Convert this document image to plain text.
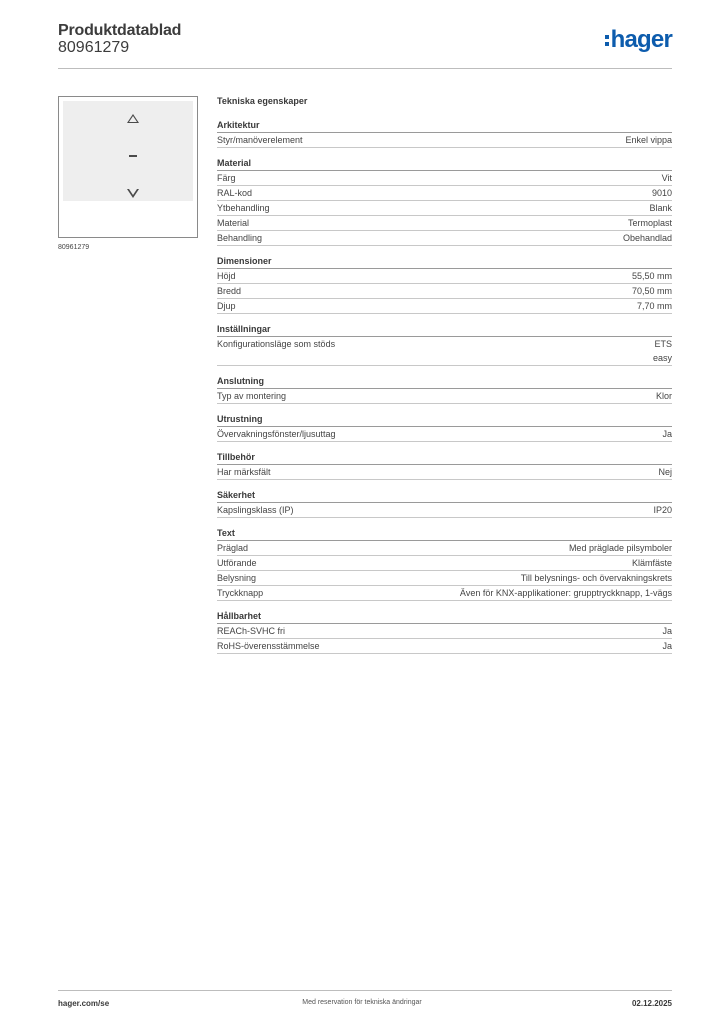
Produktdatablad
80961279	hager
80961279
Tekniska egenskaper
Arkitektur
Styr/manöverelement	Enkel vippa
Material
Färg	Vit
RAL-kod	9010
Ytbehandling	Blank
Material	Termoplast
Behandling	Obehandlad
Dimensioner
Höjd	55,50 mm
Bredd	70,50 mm
Djup	7,70 mm
Inställningar
Konfigurationsläge som stöds	ETS
easy
Anslutning
Typ av montering	Klor
Utrustning
Övervakningsfönster/ljusuttag	Ja
Tillbehör
Har märksfält	Nej
Säkerhet
Kapslingsklass (IP)	IP20
Text
Präglad	Med präglade pilsymboler
Utförande	Klämfäste
Belysning	Till belysnings- och övervakningskrets
Tryckknapp	Även för KNX-applikationer: grupptryckknapp, 1-vägs
Hållbarhet
REACh-SVHC fri	Ja
RoHS-överensstämmelse	Ja
hager.com/se	Med reservation för tekniska ändringar	02.12.2025
